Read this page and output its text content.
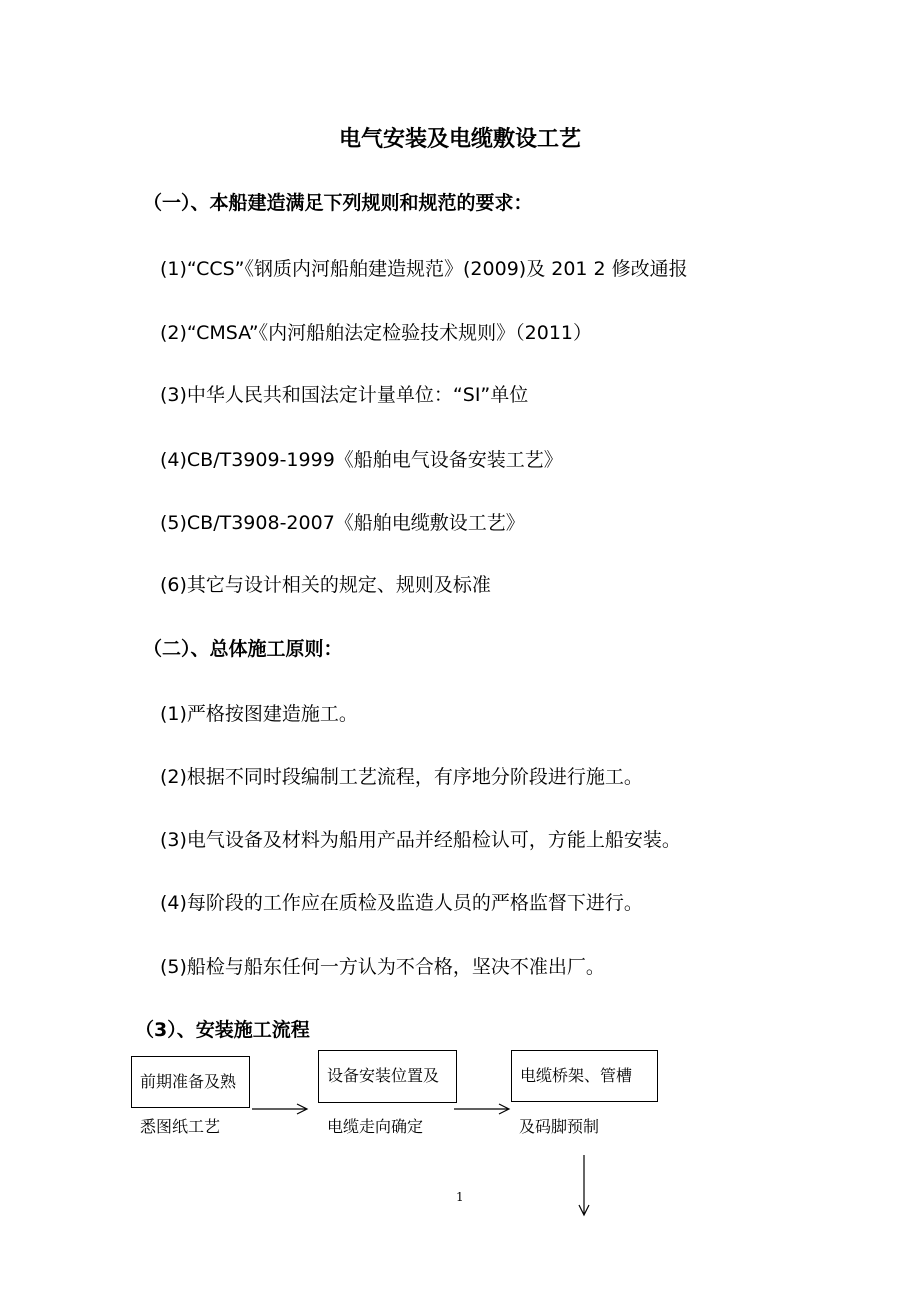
电气安装及电缆敷设工艺
（一）、本船建造满足下列规则和规范的要求：
(1)“CCS”《钢质内河船舶建造规范》(2009)及 201 2 修改通报
(2)“CMSA”《内河船舶法定检验技术规则》（2011）
(3)中华人民共和国法定计量单位：“SI”单位
(4)CB/T3909-1999《船舶电气设备安装工艺》
(5)CB/T3908-2007《船舶电缆敷设工艺》
(6)其它与设计相关的规定、规则及标准
（二）、总体施工原则：
(1)严格按图建造施工。
(2)根据不同时段编制工艺流程，有序地分阶段进行施工。
(3)电气设备及材料为船用产品并经船检认可，方能上船安装。
(4)每阶段的工作应在质检及监造人员的严格监督下进行。
(5)船检与船东任何一方认为不合格，坚决不准出厂。
（3）、安装施工流程
前期准备及熟
悉图纸工艺
设备安装位置及
电缆走向确定
电缆桥架、管槽
及码脚预制
1
